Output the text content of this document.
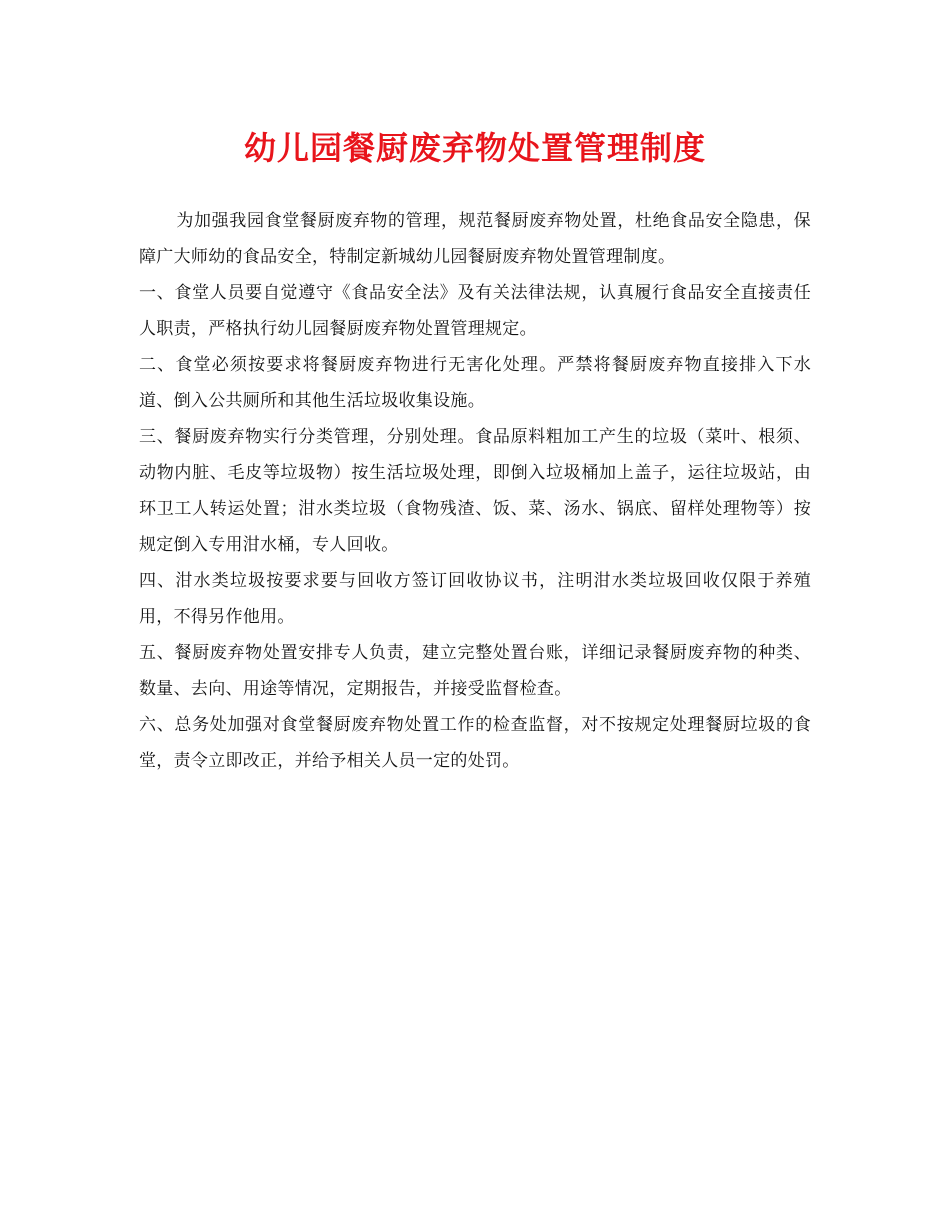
幼儿园餐厨废弃物处置管理制度

为加强我园食堂餐厨废弃物的管理，规范餐厨废弃物处置，杜绝食品安全隐患，保障广大师幼的食品安全，特制定新城幼儿园餐厨废弃物处置管理制度。

一、食堂人员要自觉遵守《食品安全法》及有关法律法规，认真履行食品安全直接责任人职责，严格执行幼儿园餐厨废弃物处置管理规定。

二、食堂必须按要求将餐厨废弃物进行无害化处理。严禁将餐厨废弃物直接排入下水道、倒入公共厕所和其他生活垃圾收集设施。

三、餐厨废弃物实行分类管理，分别处理。食品原料粗加工产生的垃圾（菜叶、根须、动物内脏、毛皮等垃圾物）按生活垃圾处理，即倒入垃圾桶加上盖子，运往垃圾站，由环卫工人转运处置；泔水类垃圾（食物残渣、饭、菜、汤水、锅底、留样处理物等）按规定倒入专用泔水桶，专人回收。

四、泔水类垃圾按要求要与回收方签订回收协议书，注明泔水类垃圾回收仅限于养殖用，不得另作他用。

五、餐厨废弃物处置安排专人负责，建立完整处置台账，详细记录餐厨废弃物的种类、数量、去向、用途等情况，定期报告，并接受监督检查。

六、总务处加强对食堂餐厨废弃物处置工作的检查监督，对不按规定处理餐厨垃圾的食堂，责令立即改正，并给予相关人员一定的处罚。
